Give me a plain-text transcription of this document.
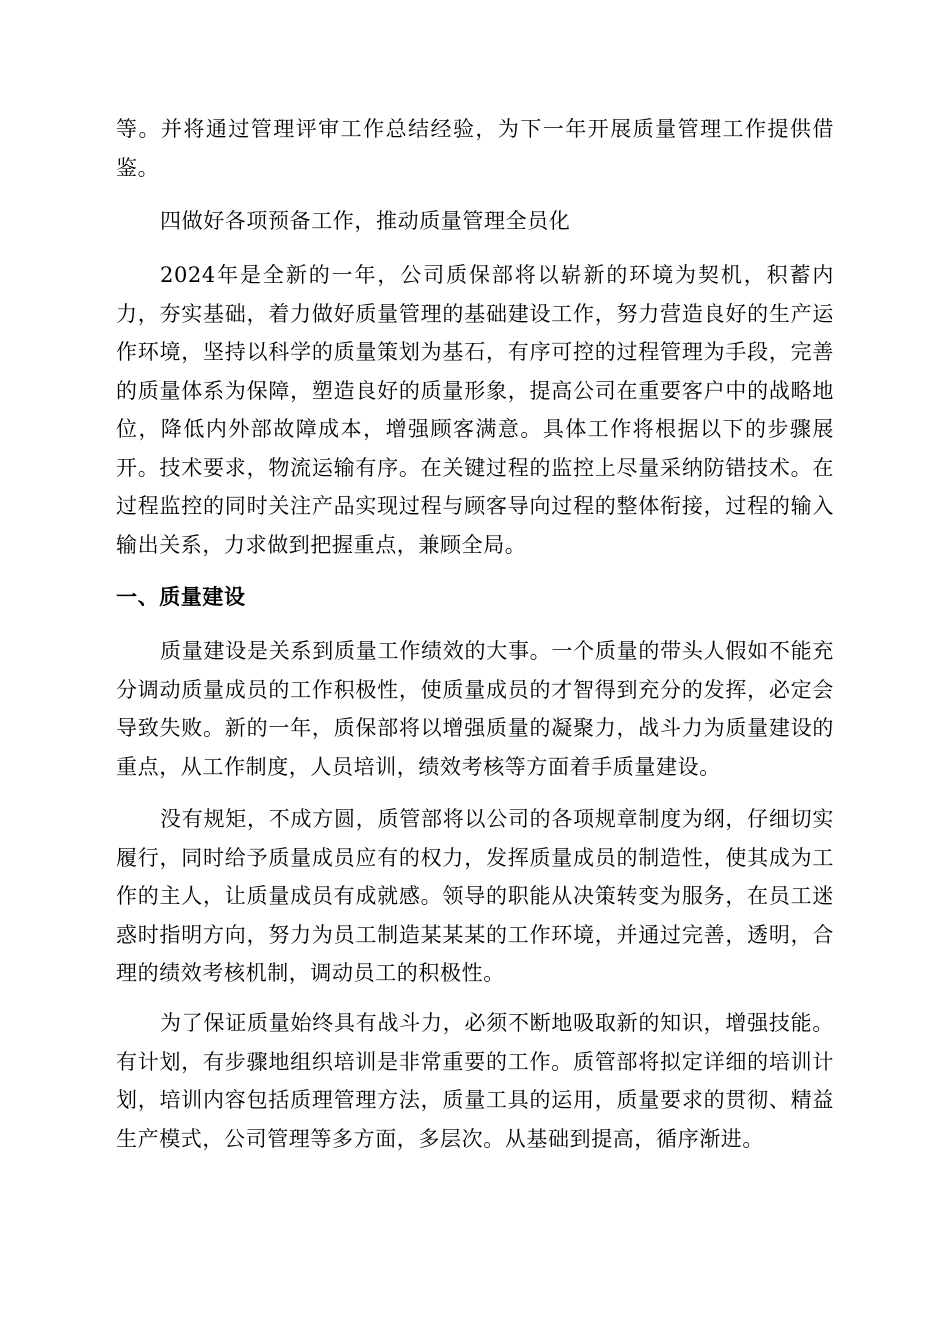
等。并将通过管理评审工作总结经验，为下一年开展质量管理工作提供借鉴。

四做好各项预备工作，推动质量管理全员化

2024年是全新的一年，公司质保部将以崭新的环境为契机，积蓄内力，夯实基础，着力做好质量管理的基础建设工作，努力营造良好的生产运作环境，坚持以科学的质量策划为基石，有序可控的过程管理为手段，完善的质量体系为保障，塑造良好的质量形象，提高公司在重要客户中的战略地位，降低内外部故障成本，增强顾客满意。具体工作将根据以下的步骤展开。技术要求，物流运输有序。在关键过程的监控上尽量采纳防错技术。在过程监控的同时关注产品实现过程与顾客导向过程的整体衔接，过程的输入输出关系，力求做到把握重点，兼顾全局。

一、质量建设

质量建设是关系到质量工作绩效的大事。一个质量的带头人假如不能充分调动质量成员的工作积极性，使质量成员的才智得到充分的发挥，必定会导致失败。新的一年，质保部将以增强质量的凝聚力，战斗力为质量建设的重点，从工作制度，人员培训，绩效考核等方面着手质量建设。

没有规矩，不成方圆，质管部将以公司的各项规章制度为纲，仔细切实履行，同时给予质量成员应有的权力，发挥质量成员的制造性，使其成为工作的主人，让质量成员有成就感。领导的职能从决策转变为服务，在员工迷惑时指明方向，努力为员工制造某某某的工作环境，并通过完善，透明，合理的绩效考核机制，调动员工的积极性。

为了保证质量始终具有战斗力，必须不断地吸取新的知识，增强技能。有计划，有步骤地组织培训是非常重要的工作。质管部将拟定详细的培训计划，培训内容包括质理管理方法，质量工具的运用，质量要求的贯彻、精益生产模式，公司管理等多方面，多层次。从基础到提高，循序渐进。
